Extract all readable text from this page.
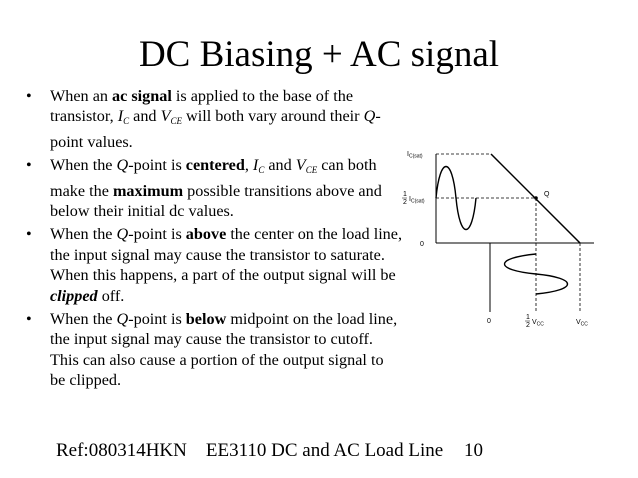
DC Biasing + AC signal
• When an ac signal is applied to the base of the transistor, $I_C$ and $V_{CE}$ will both vary around their Q-point values.
• When the Q-point is centered, $I_C$ and $V_{CE}$ can both make the maximum possible transitions above and below their initial dc values.
• When the Q-point is above the center on the load line, the input signal may cause the transistor to saturate. When this happens, a part of the output signal will be clipped off.
• When the Q-point is below midpoint on the load line, the input signal may cause the transistor to cutoff. This can also cause a portion of the output signal to be clipped.
$I_{C(sat)}$
1
2 $I_{C(sat)}$
Q
0
0
1
2 $V_{CC}$	$V_{CC}$
Ref:080314HKN EE3110 DC and AC Load Line 10
